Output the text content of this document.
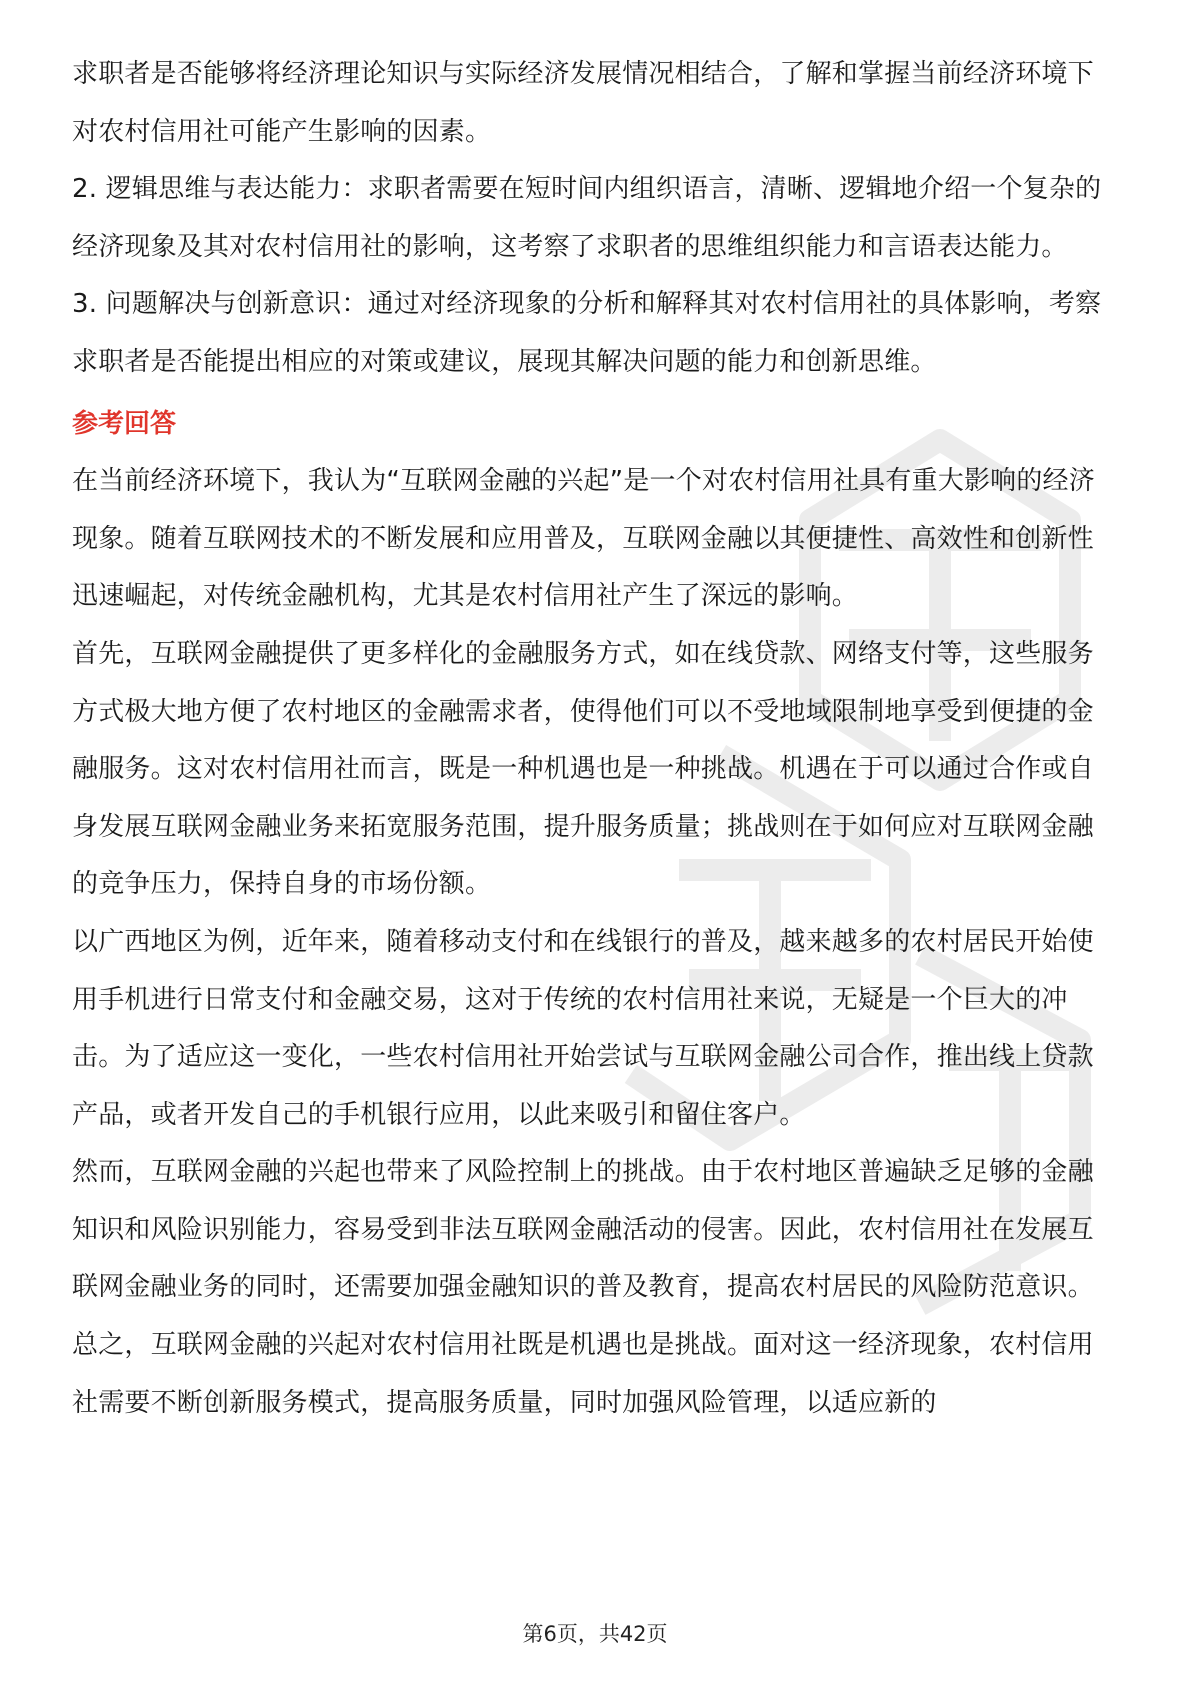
求职者是否能够将经济理论知识与实际经济发展情况相结合，了解和掌握当前经济环境下对农村信用社可能产生影响的因素。

2. 逻辑思维与表达能力：求职者需要在短时间内组织语言，清晰、逻辑地介绍一个复杂的经济现象及其对农村信用社的影响，这考察了求职者的思维组织能力和言语表达能力。

3. 问题解决与创新意识：通过对经济现象的分析和解释其对农村信用社的具体影响，考察求职者是否能提出相应的对策或建议，展现其解决问题的能力和创新思维。

参考回答

在当前经济环境下，我认为“互联网金融的兴起”是一个对农村信用社具有重大影响的经济现象。随着互联网技术的不断发展和应用普及，互联网金融以其便捷性、高效性和创新性迅速崛起，对传统金融机构，尤其是农村信用社产生了深远的影响。

首先，互联网金融提供了更多样化的金融服务方式，如在线贷款、网络支付等，这些服务方式极大地方便了农村地区的金融需求者，使得他们可以不受地域限制地享受到便捷的金融服务。这对农村信用社而言，既是一种机遇也是一种挑战。机遇在于可以通过合作或自身发展互联网金融业务来拓宽服务范围，提升服务质量；挑战则在于如何应对互联网金融的竞争压力，保持自身的市场份额。

以广西地区为例，近年来，随着移动支付和在线银行的普及，越来越多的农村居民开始使用手机进行日常支付和金融交易，这对于传统的农村信用社来说，无疑是一个巨大的冲击。为了适应这一变化，一些农村信用社开始尝试与互联网金融公司合作，推出线上贷款产品，或者开发自己的手机银行应用，以此来吸引和留住客户。

然而，互联网金融的兴起也带来了风险控制上的挑战。由于农村地区普遍缺乏足够的金融知识和风险识别能力，容易受到非法互联网金融活动的侵害。因此，农村信用社在发展互联网金融业务的同时，还需要加强金融知识的普及教育，提高农村居民的风险防范意识。

总之，互联网金融的兴起对农村信用社既是机遇也是挑战。面对这一经济现象，农村信用社需要不断创新服务模式，提高服务质量，同时加强风险管理，以适应新的

第6页，共42页
